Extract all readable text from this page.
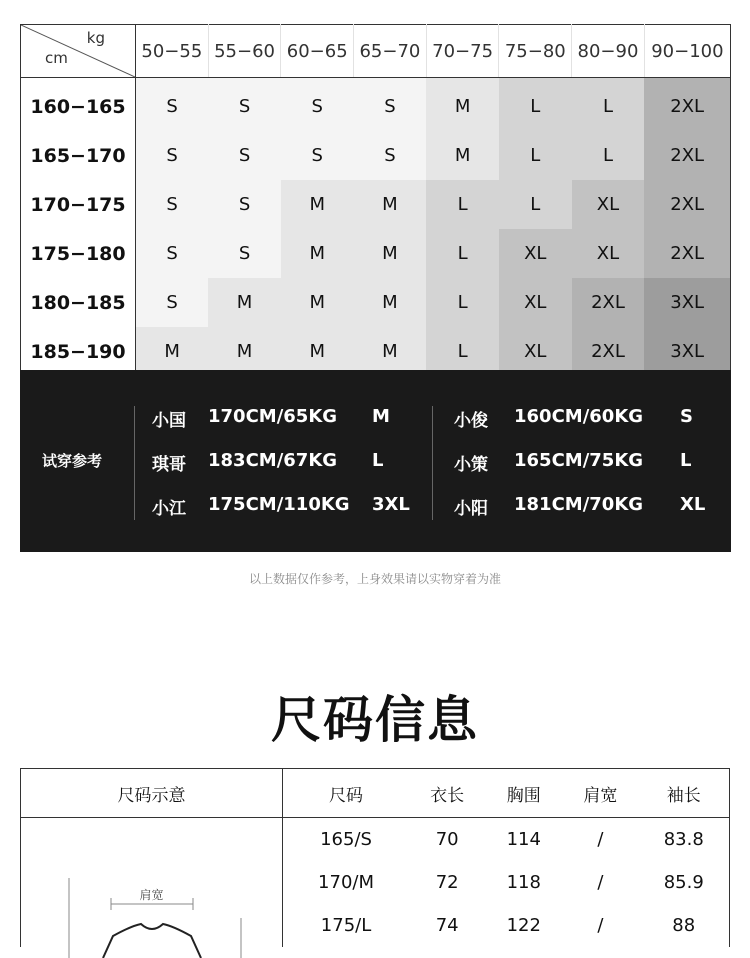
kg
cm	50−55	55−60	60−65	65−70	70−75	75−80	80−90	90−100
160−165	S	S	S	S	M	L	L	2XL
165−170	S	S	S	S	M	L	L	2XL
170−175	S	S	M	M	L	L	XL	2XL
175−180	S	S	M	M	L	XL	XL	2XL
180−185	S	M	M	M	L	XL	2XL	3XL
185−190	M	M	M	M	L	XL	2XL	3XL
试穿参考
小国 170CM/65KG M
琪哥 183CM/67KG L
小江 175CM/110KG 3XL
小俊 160CM/60KG S
小策 165CM/75KG L
小阳 181CM/70KG XL
以上数据仅作参考，上身效果请以实物穿着为准
尺码信息
尺码示意	尺码	衣长	胸围	肩宽	袖长

肩宽	165/S	70	114	/	83.8
	170/M	72	118	/	85.9
	175/L	74	122	/	88
